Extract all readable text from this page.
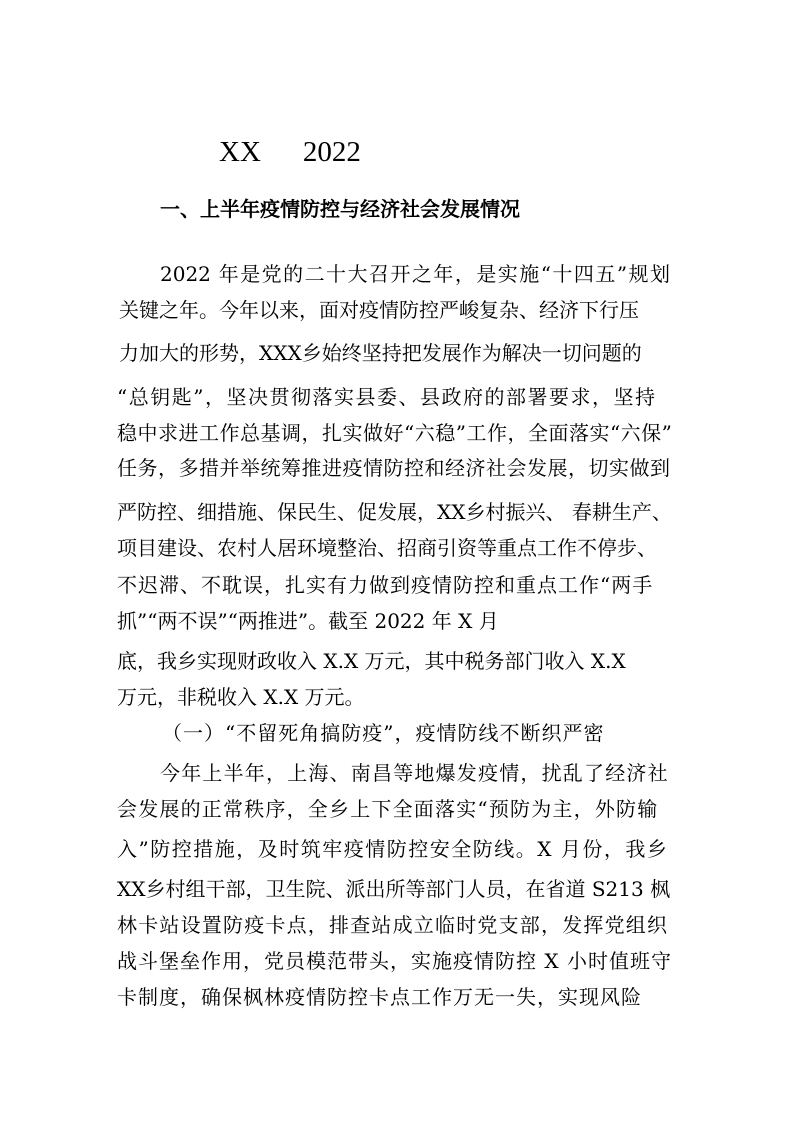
XX 2022
一、上半年疫情防控与经济社会发展情况
2022 年是党的二十大召开之年，是实施“十四五”规划
关键之年。今年以来，面对疫情防控严峻复杂、经济下行压
力加大的形势，XXX乡始终坚持把发展作为解决一切问题的
“总钥匙”，坚决贯彻落实县委、县政府的部署要求，坚持
稳中求进工作总基调，扎实做好“六稳”工作，全面落实“六保”
任务，多措并举统筹推进疫情防控和经济社会发展，切实做到
严防控、细措施、保民生、促发展，XX乡村振兴、 春耕生产、
项目建设、农村人居环境整治、招商引资等重点工作不停步、
不迟滞、不耽误，扎实有力做到疫情防控和重点工作“两手
抓”“两不误”“两推进”。截至 2022 年 X 月
底，我乡实现财政收入 X.X 万元，其中税务部门收入 X.X
万元，非税收入 X.X 万元。
（一）“不留死角搞防疫”，疫情防线不断织严密
今年上半年，上海、南昌等地爆发疫情，扰乱了经济社
会发展的正常秩序，全乡上下全面落实“预防为主，外防输
入”防控措施，及时筑牢疫情防控安全防线。X 月份，我乡
XX乡村组干部，卫生院、派出所等部门人员，在省道 S213 枫
林卡站设置防疫卡点，排查站成立临时党支部，发挥党组织
战斗堡垒作用，党员模范带头，实施疫情防控 X 小时值班守
卡制度，确保枫林疫情防控卡点工作万无一失，实现风险
